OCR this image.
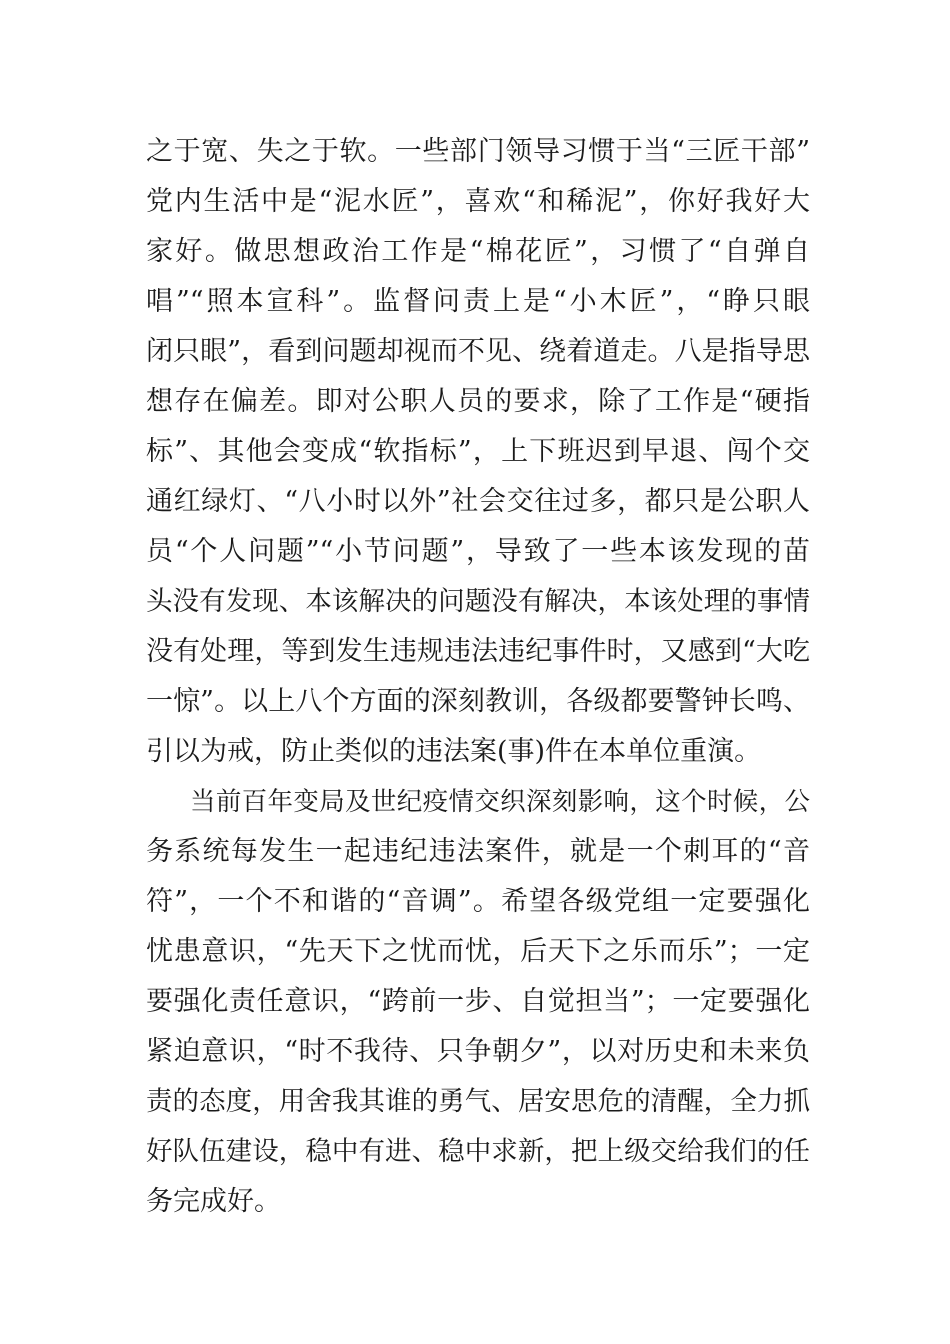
之于宽、失之于软。一些部门领导习惯于当“三匠干部”
党内生活中是“泥水匠”，喜欢“和稀泥”，你好我好大
家好。做思想政治工作是“棉花匠”，习惯了“自弹自
唱”“照本宣科”。监督问责上是“小木匠”，“睁只眼
闭只眼”，看到问题却视而不见、绕着道走。八是指导思
想存在偏差。即对公职人员的要求，除了工作是“硬指
标”、其他会变成“软指标”，上下班迟到早退、闯个交
通红绿灯、“八小时以外”社会交往过多，都只是公职人
员“个人问题”“小节问题”，导致了一些本该发现的苗
头没有发现、本该解决的问题没有解决，本该处理的事情
没有处理，等到发生违规违法违纪事件时，又感到“大吃
一惊”。以上八个方面的深刻教训，各级都要警钟长鸣、
引以为戒，防止类似的违法案(事)件在本单位重演。
当前百年变局及世纪疫情交织深刻影响，这个时候，公
务系统每发生一起违纪违法案件，就是一个刺耳的“音
符”，一个不和谐的“音调”。希望各级党组一定要强化
忧患意识，“先天下之忧而忧，后天下之乐而乐”；一定
要强化责任意识，“跨前一步、自觉担当”；一定要强化
紧迫意识，“时不我待、只争朝夕”，以对历史和未来负
责的态度，用舍我其谁的勇气、居安思危的清醒，全力抓
好队伍建设，稳中有进、稳中求新，把上级交给我们的任
务完成好。
